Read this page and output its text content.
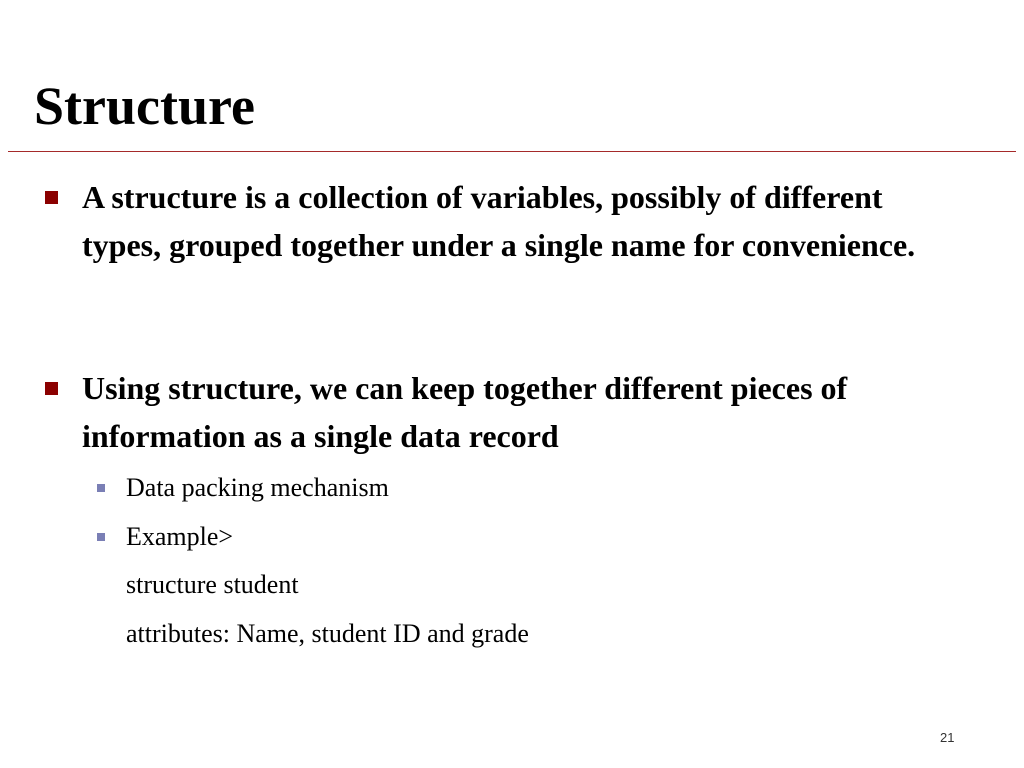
Structure
A structure is a collection of variables, possibly of different types, grouped together under a single name for convenience.
Using structure, we can keep together different pieces of information as a single data record
Data packing mechanism
Example>
structure student
attributes: Name, student ID and grade
21
